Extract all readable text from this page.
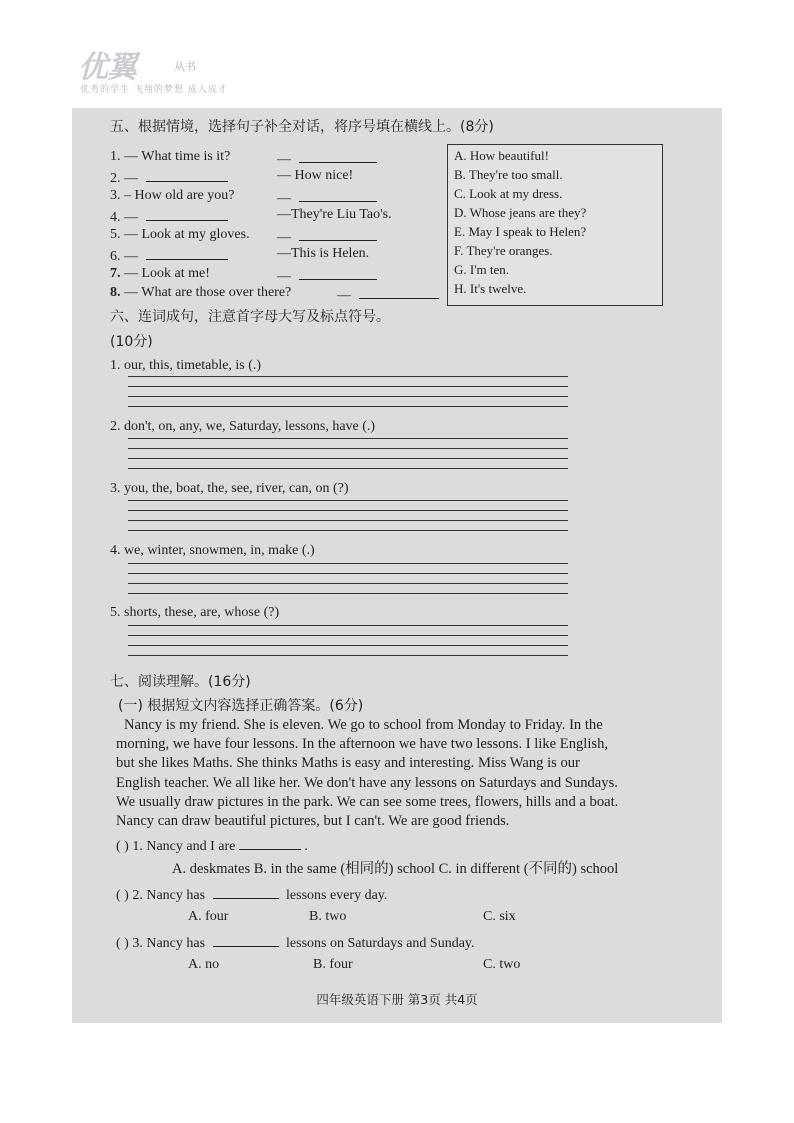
优翼	从书
优秀的学生 飞翔的梦想 成人成才
五、根据情境，选择句子补全对话，将序号填在横线上。(8分)
1. — What time is it?	—
2. —	— How nice!
3. – How old are you?	—
4. —	—They're Liu Tao's.
5. — Look at my gloves. —
6. —	—This is Helen.
7. — Look at me!	—
8. — What are those over there?	—
A. How beautiful!
B. They're too small.
C. Look at my dress.
D. Whose jeans are they?
E. May I speak to Helen?
F. They're oranges.
G. I'm ten.
H. It's twelve.
六、连词成句，注意首字母大写及标点符号。
(10分)
1. our, this, timetable, is (.)
2. don't, on, any, we, Saturday, lessons, have (.)
3. you, the, boat, the, see, river, can, on (?)
4. we, winter, snowmen, in, make (.)
5. shorts, these, are, whose (?)
七、阅读理解。(16分)
(一) 根据短文内容选择正确答案。(6分)

Nancy is my friend. She is eleven. We go to school from Monday to Friday. In the

morning, we have four lessons. In the afternoon we have two lessons. I like English,

but she likes Maths. She thinks Maths is easy and interesting. Miss Wang is our

English teacher. We all like her. We don't have any lessons on Saturdays and Sundays.

We usually draw pictures in the park. We can see some trees, flowers, hills and a boat.

Nancy can draw beautiful pictures, but I can't. We are good friends.

( ) 1. Nancy and I are	.
A. deskmates B. in the same (相同的) school C. in different (不同的) school
( ) 2. Nancy has	lessons every day.
A. four	B. two	C. six
( ) 3. Nancy has	lessons on Saturdays and Sunday.
A. no	B. four	C. two
四年级英语下册 第3页 共4页
